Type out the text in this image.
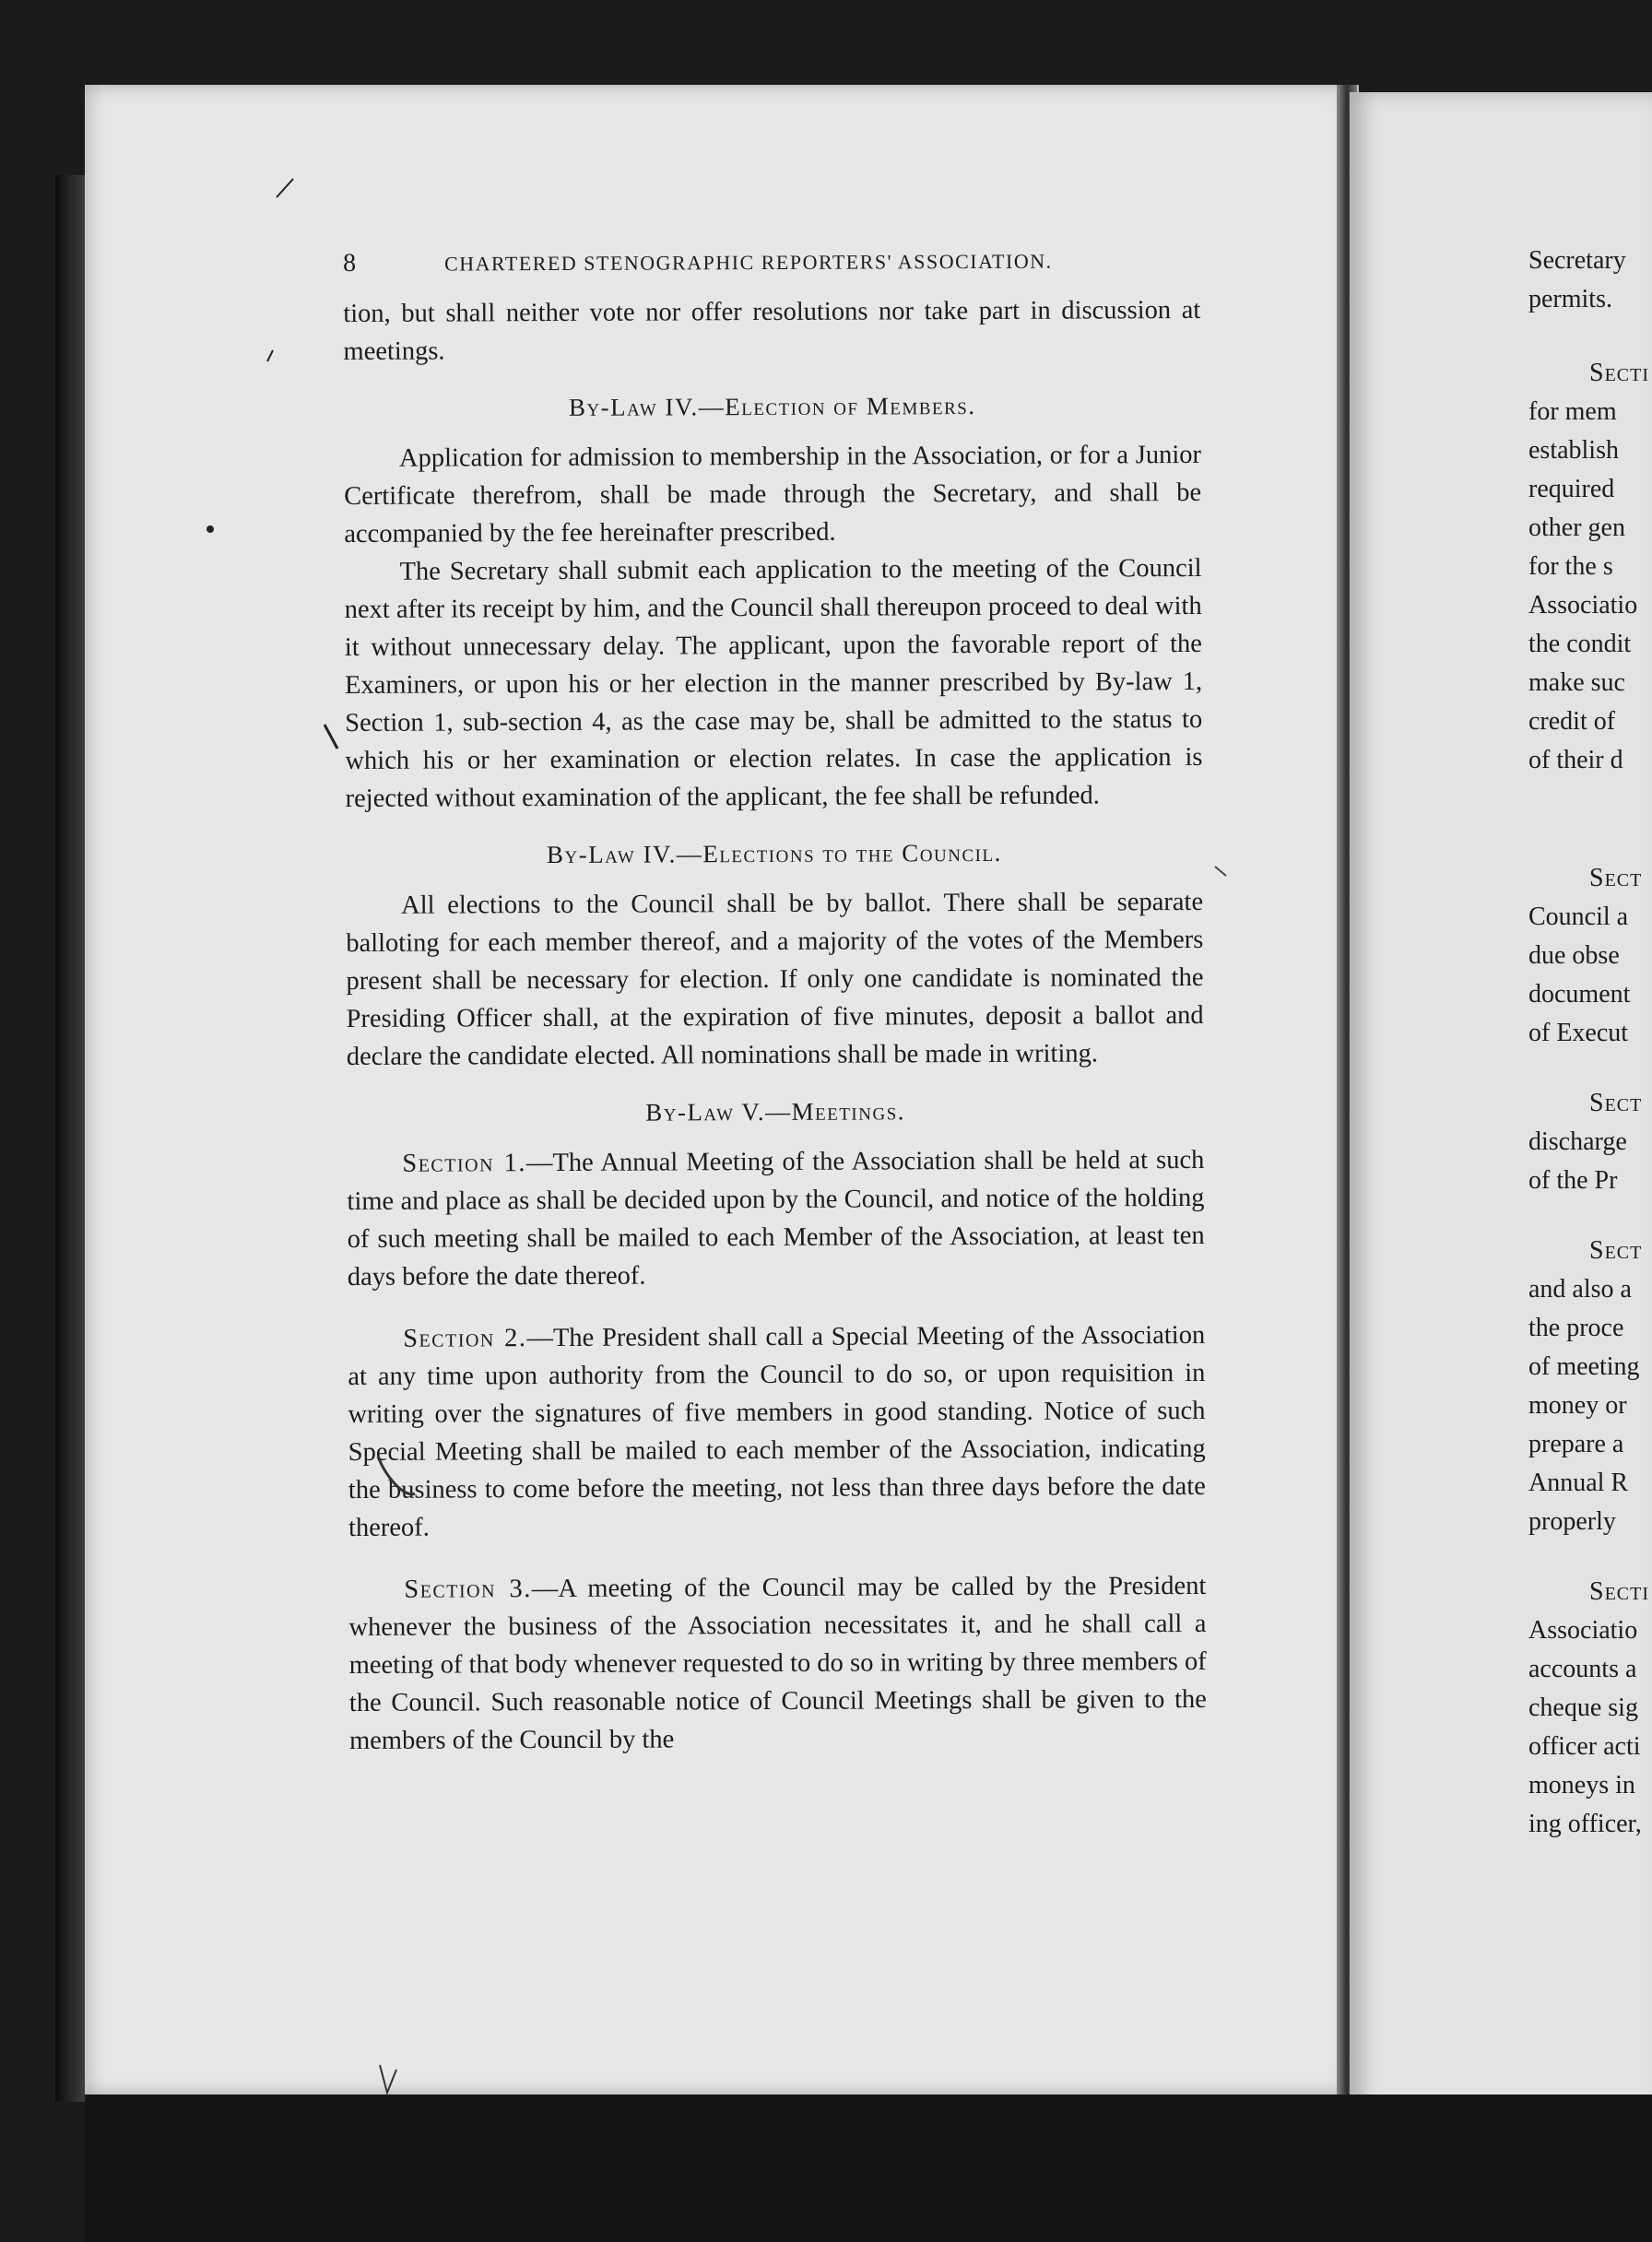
8	CHARTERED STENOGRAPHIC REPORTERS' ASSOCIATION.

tion, but shall neither vote nor offer resolutions nor take part in discussion at meetings.

By-Law IV.—Election of Members.

Application for admission to membership in the Association, or for a Junior Certificate therefrom, shall be made through the Secretary, and shall be accompanied by the fee hereinafter prescribed.

The Secretary shall submit each application to the meeting of the Council next after its receipt by him, and the Council shall thereupon proceed to deal with it without unnecessary delay. The applicant, upon the favorable report of the Examiners, or upon his or her election in the manner prescribed by By-law 1, Section 1, sub-section 4, as the case may be, shall be admitted to the status to which his or her examination or election relates. In case the application is rejected without examination of the applicant, the fee shall be refunded.

By-Law IV.—Elections to the Council.

All elections to the Council shall be by ballot. There shall be separate balloting for each member thereof, and a majority of the votes of the Members present shall be necessary for election. If only one candidate is nominated the Presiding Officer shall, at the expiration of five minutes, deposit a ballot and declare the candidate elected. All nominations shall be made in writing.

By-Law V.—Meetings.

Section 1.—The Annual Meeting of the Association shall be held at such time and place as shall be decided upon by the Council, and notice of the holding of such meeting shall be mailed to each Member of the Association, at least ten days before the date thereof.

Section 2.—The President shall call a Special Meeting of the Association at any time upon authority from the Council to do so, or upon requisition in writing over the signatures of five members in good standing. Notice of such Special Meeting shall be mailed to each member of the Association, indicating the business to come before the meeting, not less than three days before the date thereof.

Section 3.—A meeting of the Council may be called by the President whenever the business of the Association necessitates it, and he shall call a meeting of that body whenever requested to do so in writing by three members of the Council. Such reasonable notice of Council Meetings shall be given to the members of the Council by the

Secretary
permits.
Secti
for mem
establish
required
other gen
for the s
Associatio
the condit
make suc
credit of
of their d
Sect
Council a
due obse
document
of Execut
Sect
discharge
of the Pr
Sect
and also a
the proce
of meeting
money or
prepare a
Annual R
properly
Secti
Associatio
accounts a
cheque sig
officer acti
moneys in
ing officer,
